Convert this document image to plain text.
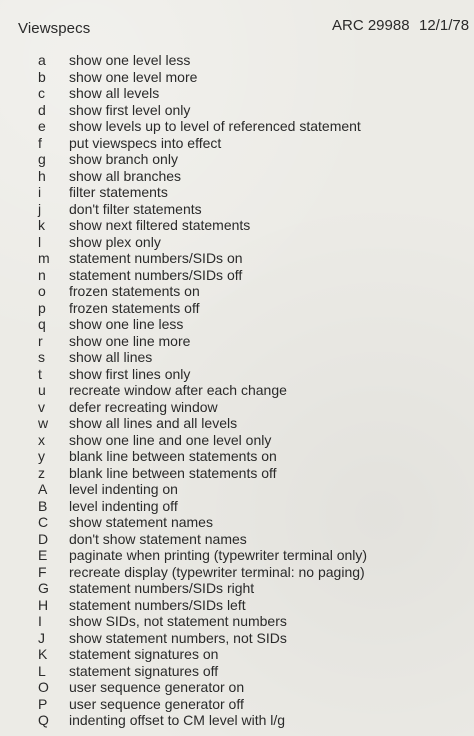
Viewspecs	ARC 29988 12/1/78
a	show one level less
b	show one level more
c	show all levels
d	show first level only
e	show levels up to level of referenced statement
f	put viewspecs into effect
g	show branch only
h	show all branches
i	filter statements
j	don't filter statements
k	show next filtered statements
l	show plex only
m	statement numbers/SIDs on
n	statement numbers/SIDs off
o	frozen statements on
p	frozen statements off
q	show one line less
r	show one line more
s	show all lines
t	show first lines only
u	recreate window after each change
v	defer recreating window
w	show all lines and all levels
x	show one line and one level only
y	blank line between statements on
z	blank line between statements off
A	level indenting on
B	level indenting off
C	show statement names
D	don't show statement names
E	paginate when printing (typewriter terminal only)
F	recreate display (typewriter terminal: no paging)
G	statement numbers/SIDs right
H	statement numbers/SIDs left
I	show SIDs, not statement numbers
J	show statement numbers, not SIDs
K	statement signatures on
L	statement signatures off
O	user sequence generator on
P	user sequence generator off
Q	indenting offset to CM level with l/g
